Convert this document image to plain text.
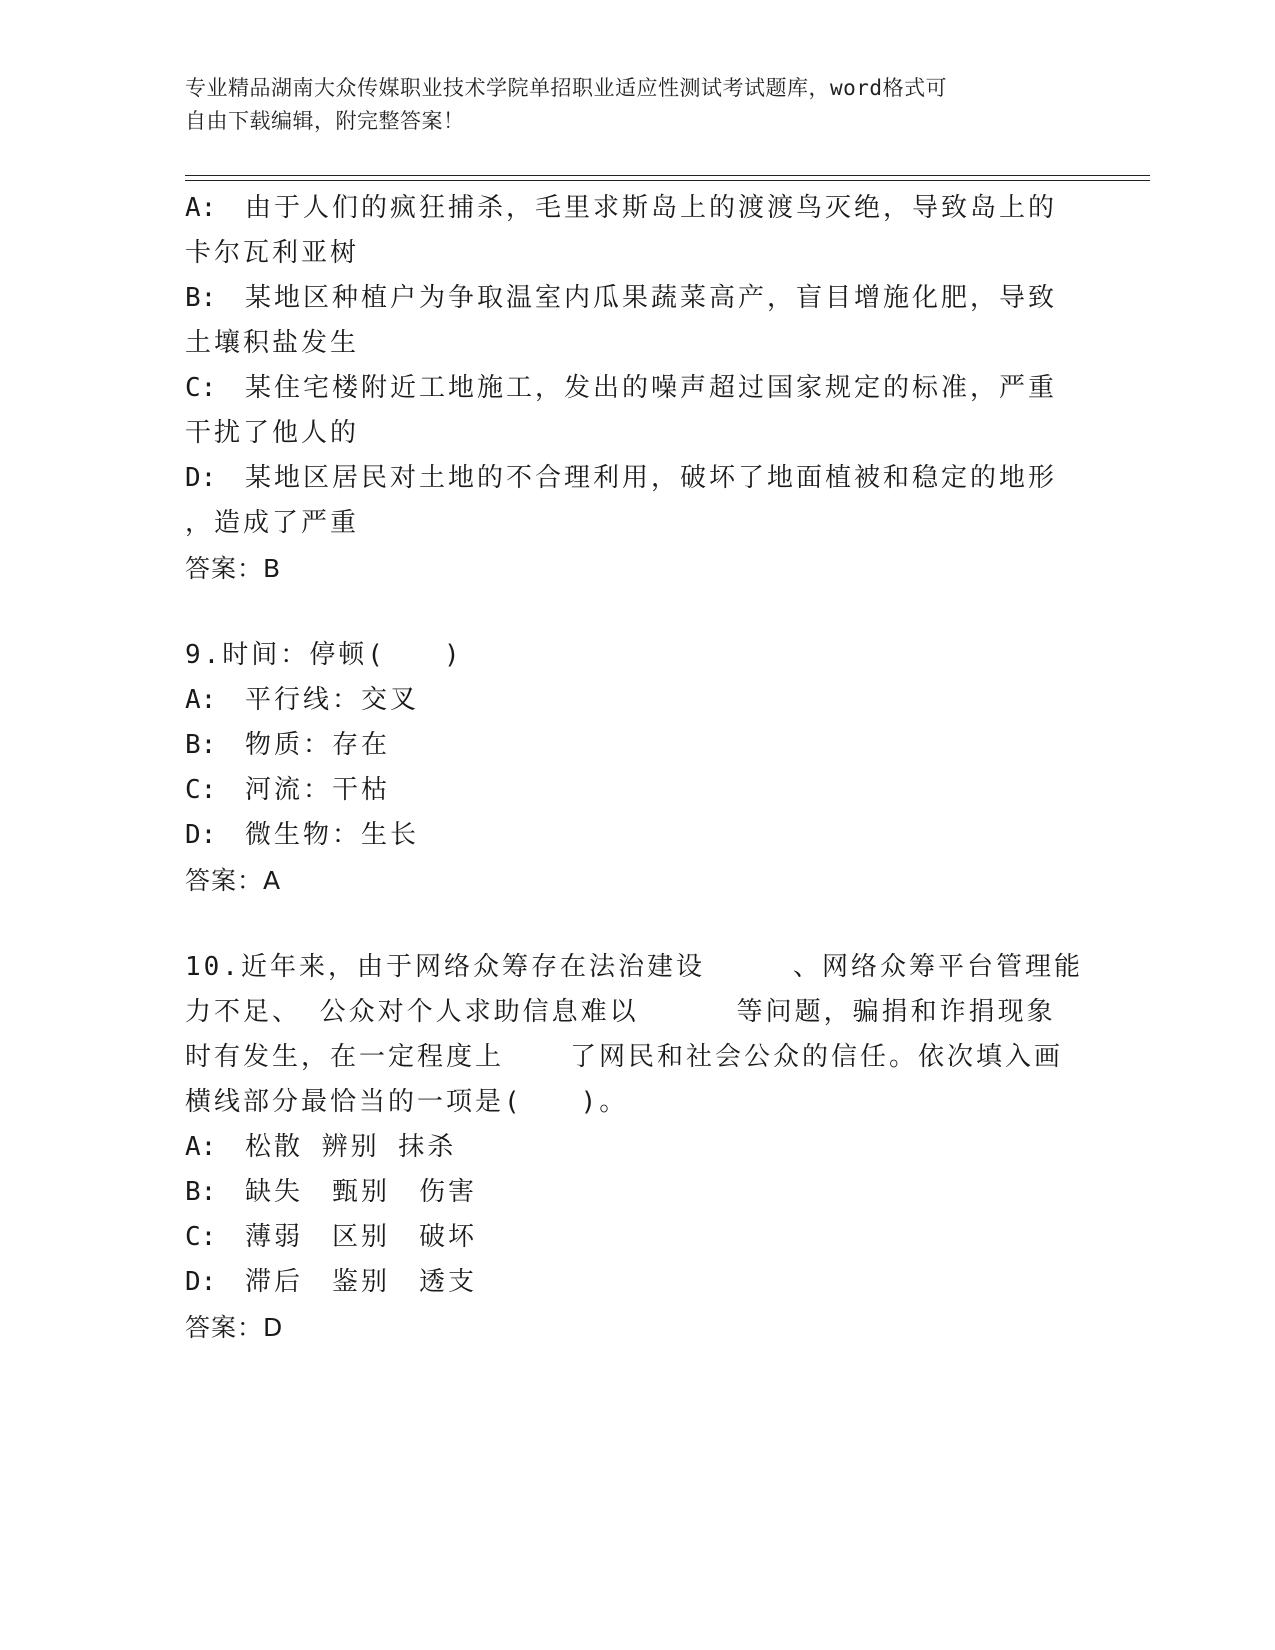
专业精品湖南大众传媒职业技术学院单招职业适应性测试考试题库，word格式可
自由下载编辑，附完整答案！

A: 由于人们的疯狂捕杀，毛里求斯岛上的渡渡鸟灭绝，导致岛上的

卡尔瓦利亚树

B: 某地区种植户为争取温室内瓜果蔬菜高产，盲目增施化肥，导致

土壤积盐发生

C: 某住宅楼附近工地施工，发出的噪声超过国家规定的标准，严重

干扰了他人的

D: 某地区居民对土地的不合理利用，破坏了地面植被和稳定的地形

，造成了严重

答案：B

9.时间：停顿(　　)

A: 平行线：交叉

B: 物质：存在

C: 河流：干枯

D: 微生物：生长

答案：A

10.近年来，由于网络众筹存在法治建设	、网络众筹平台管理能

力不足、 公众对个人求助信息难以	等问题，骗捐和诈捐现象

时有发生，在一定程度上	了网民和社会公众的信任。依次填入画

横线部分最恰当的一项是(　　)。

A: 松散 辨别 抹杀

B: 缺失　甄别　伤害

C: 薄弱　区别　破坏

D: 滞后　鉴别　透支

答案：D
